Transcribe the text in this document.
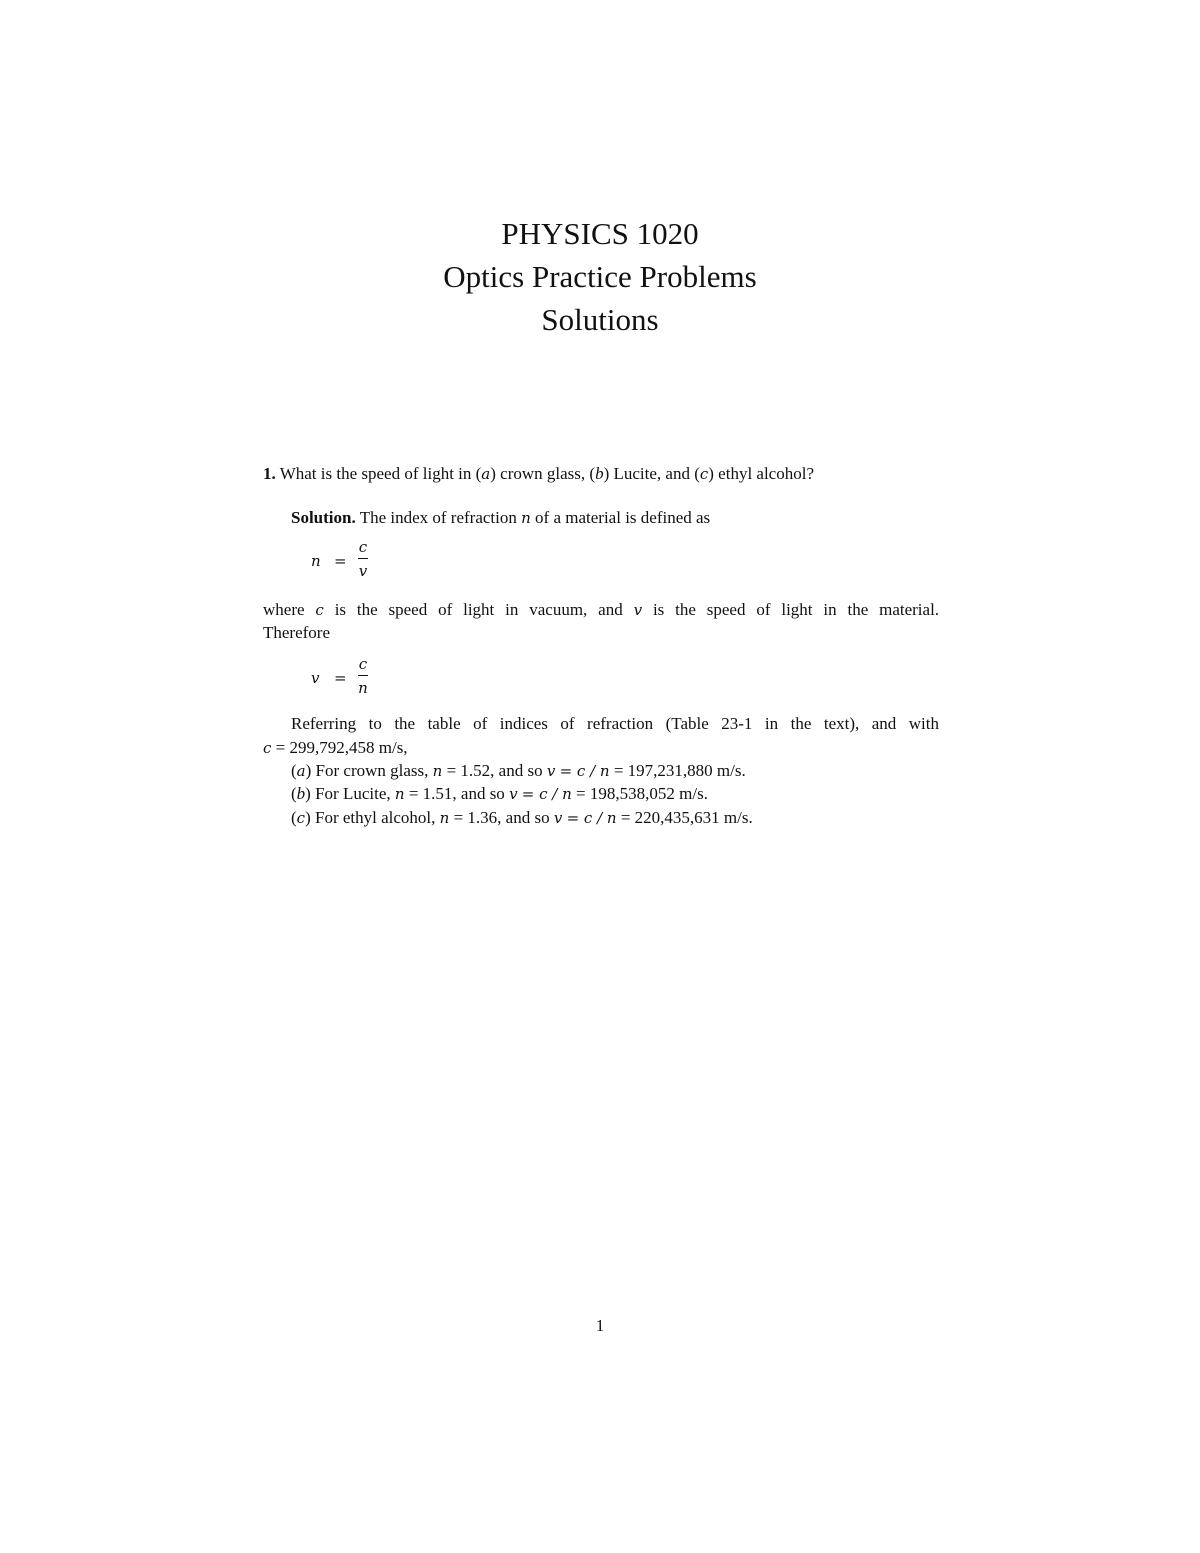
PHYSICS 1020
Optics Practice Problems
Solutions
1. What is the speed of light in (a) crown glass, (b) Lucite, and (c) ethyl alcohol?
Solution. The index of refraction n of a material is defined as
n =
c
v
where c is the speed of light in vacuum, and v is the speed of light in the material.
Therefore
v =
c
n
Referring to the table of indices of refraction (Table 23-1 in the text), and with
c = 299,792,458 m/s,
(a) For crown glass, n = 1.52, and so v = c / n = 197,231,880 m/s.
(b) For Lucite, n = 1.51, and so v = c / n = 198,538,052 m/s.
(c) For ethyl alcohol, n = 1.36, and so v = c / n = 220,435,631 m/s.
1
